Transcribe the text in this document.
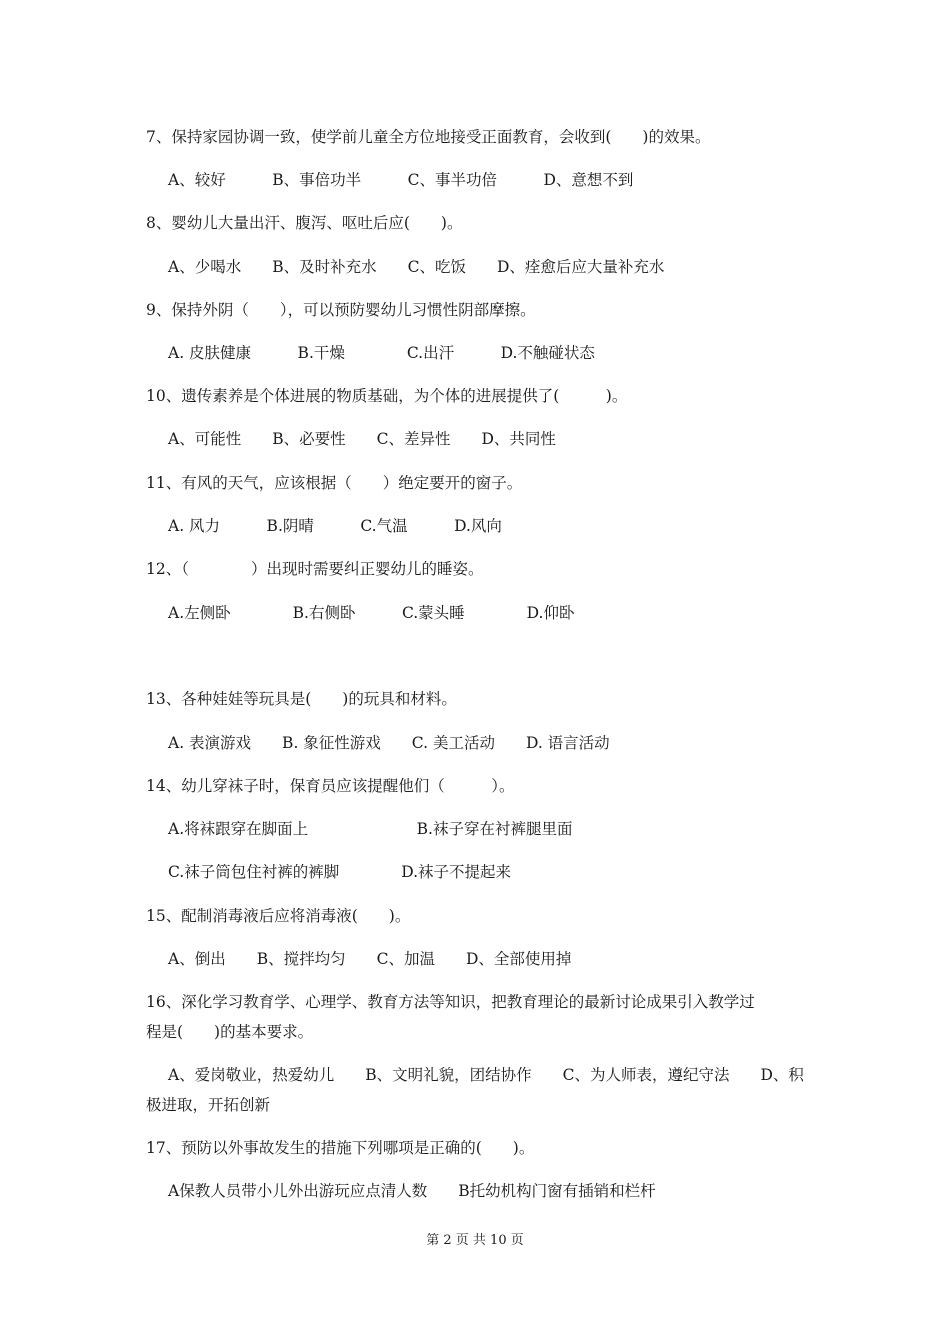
7、保持家园协调一致，使学前儿童全方位地接受正面教育，会收到(　　)的效果。
A、较好　　　B、事倍功半　　　C、事半功倍　　　D、意想不到
8、婴幼儿大量出汗、腹泻、呕吐后应(　　)。
A、少喝水　　B、及时补充水　　C、吃饭　　D、痊愈后应大量补充水
9、保持外阴（　　），可以预防婴幼儿习惯性阴部摩擦。
A. 皮肤健康　　　B.干燥　　　　C.出汗　　　D.不触碰状态
10、遗传素养是个体进展的物质基础，为个体的进展提供了(　　　)。
A、可能性　　B、必要性　　C、差异性　　D、共同性
11、有风的天气，应该根据（　　）绝定要开的窗子。
A. 风力　　　B.阴晴　　　C.气温　　　D.风向
12、（　　　　）出现时需要纠正婴幼儿的睡姿。
A.左侧卧　　　　B.右侧卧　　　C.蒙头睡　　　　D.仰卧
13、各种娃娃等玩具是(　　)的玩具和材料。
A. 表演游戏　　B. 象征性游戏　　C. 美工活动　　D. 语言活动
14、幼儿穿袜子时，保育员应该提醒他们（　　　）。
A.将袜跟穿在脚面上　　　　　　　B.袜子穿在衬裤腿里面
C.袜子筒包住衬裤的裤脚　　　　D.袜子不提起来
15、配制消毒液后应将消毒液(　　)。
A、倒出　　B、搅拌均匀　　C、加温　　D、全部使用掉
16、深化学习教育学、心理学、教育方法等知识，把教育理论的最新讨论成果引入教学过
程是(　　)的基本要求。
A、爱岗敬业，热爱幼儿　　B、文明礼貌，团结协作　　C、为人师表，遵纪守法　　D、积
极进取，开拓创新
17、预防以外事故发生的措施下列哪项是正确的(　　)。
A保教人员带小儿外出游玩应点清人数　　B托幼机构门窗有插销和栏杆
第 2 页 共 10 页
